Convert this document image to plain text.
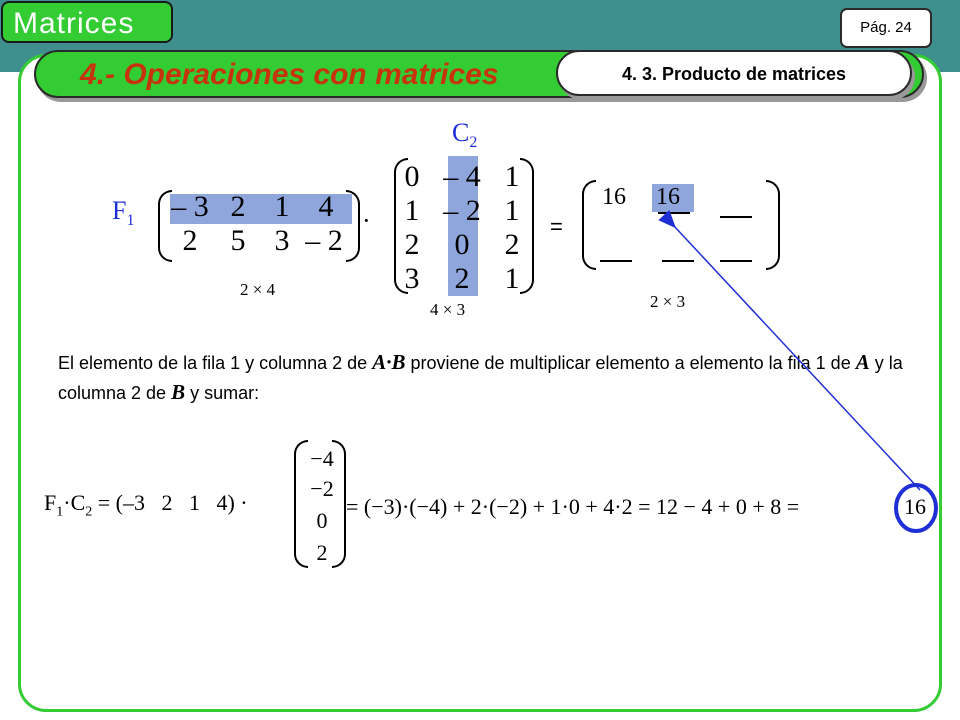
Matrices	Pág. 24
4.- Operaciones con matrices	4. 3. Producto de matrices
$F_1 - 3$ 2 1 4
2	5 3 – 2
2 × 4
·
$C_2$
0 – 4 1
1 – 2 1
2	0	2
3	2	1
4 × 3
=
16 16
2 × 3
El elemento de la fila 1 y columna 2 de A·B proviene de multiplicar elemento a elemento la fila 1 de A y la columna 2 de B y sumar:
$F_1\cdot C_2 = (-3$   2   1   4) ·
−4
−2
0
2
= (−3)·(−4) + 2·(−2) + 1·0 + 4·2 = 12 − 4 + 0 + 8 =	16
